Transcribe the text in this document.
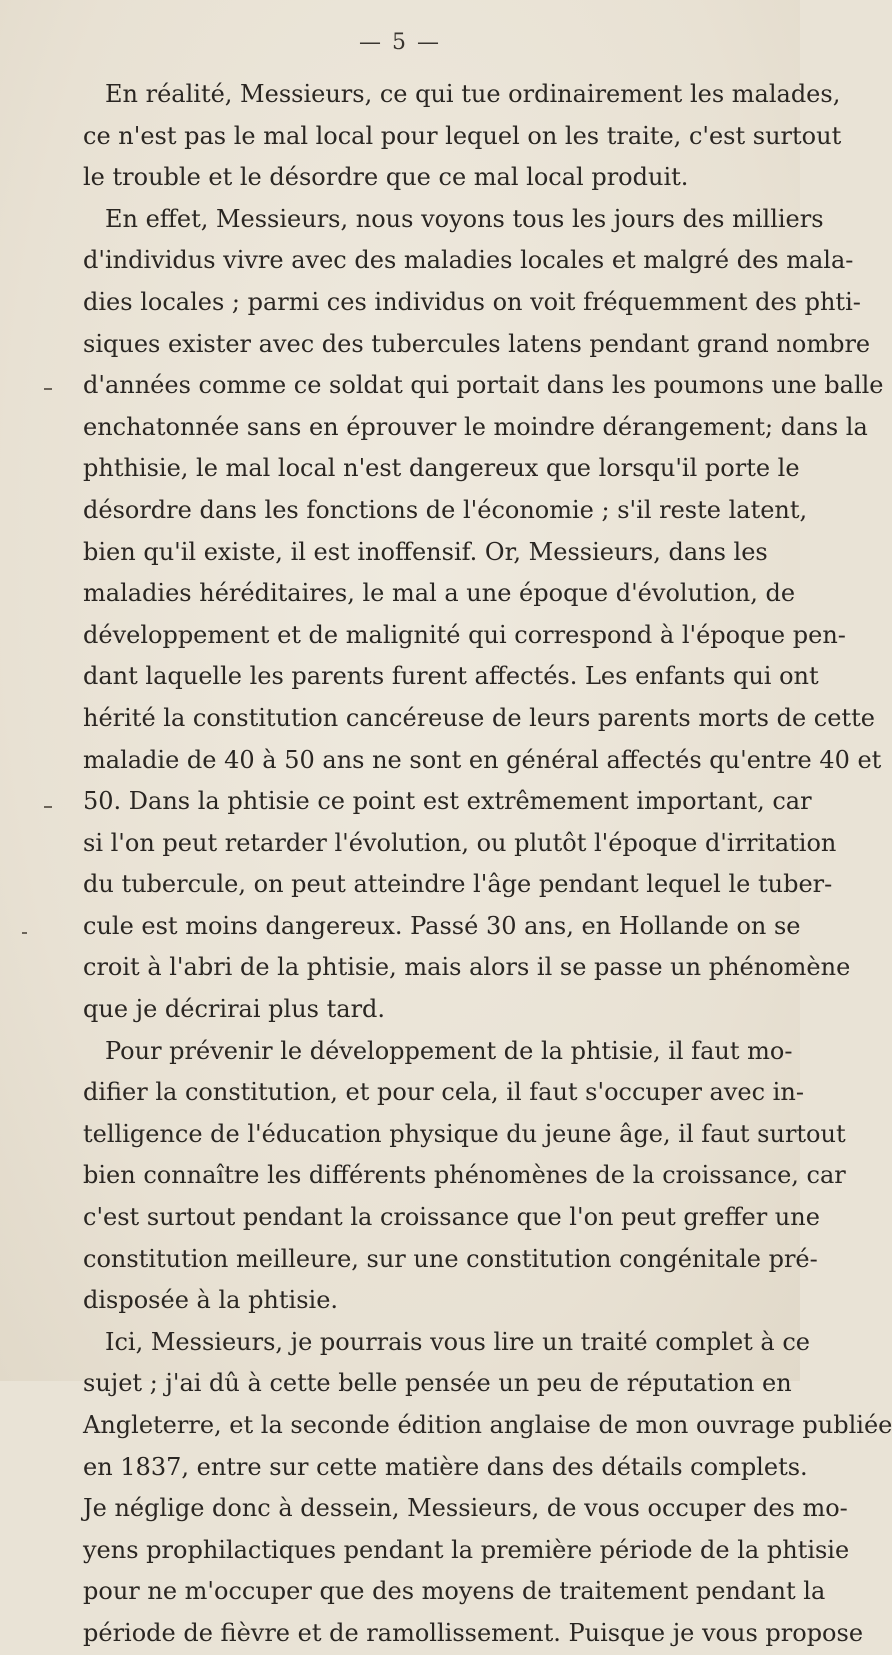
— 5 —
En réalité, Messieurs, ce qui tue ordinairement les malades,
ce n'est pas le mal local pour lequel on les traite, c'est surtout
le trouble et le désordre que ce mal local produit.
En effet, Messieurs, nous voyons tous les jours des milliers
d'individus vivre avec des maladies locales et malgré des mala-
dies locales ; parmi ces individus on voit fréquemment des phti-
siques exister avec des tubercules latens pendant grand nombre
d'années comme ce soldat qui portait dans les poumons une balle
enchatonnée sans en éprouver le moindre dérangement; dans la
phthisie, le mal local n'est dangereux que lorsqu'il porte le
désordre dans les fonctions de l'économie ; s'il reste latent,
bien qu'il existe, il est inoffensif. Or, Messieurs, dans les
maladies héréditaires, le mal a une époque d'évolution, de
développement et de malignité qui correspond à l'époque pen-
dant laquelle les parents furent affectés. Les enfants qui ont
hérité la constitution cancéreuse de leurs parents morts de cette
maladie de 40 à 50 ans ne sont en général affectés qu'entre 40 et
50. Dans la phtisie ce point est extrêmement important, car
si l'on peut retarder l'évolution, ou plutôt l'époque d'irritation
du tubercule, on peut atteindre l'âge pendant lequel le tuber-
cule est moins dangereux. Passé 30 ans, en Hollande on se
croit à l'abri de la phtisie, mais alors il se passe un phénomène
que je décrirai plus tard.
Pour prévenir le développement de la phtisie, il faut mo-
difier la constitution, et pour cela, il faut s'occuper avec in-
telligence de l'éducation physique du jeune âge, il faut surtout
bien connaître les différents phénomènes de la croissance, car
c'est surtout pendant la croissance que l'on peut greffer une
constitution meilleure, sur une constitution congénitale pré-
disposée à la phtisie.
Ici, Messieurs, je pourrais vous lire un traité complet à ce
sujet ; j'ai dû à cette belle pensée un peu de réputation en
Angleterre, et la seconde édition anglaise de mon ouvrage publiée
en 1837, entre sur cette matière dans des détails complets.
Je néglige donc à dessein, Messieurs, de vous occuper des mo-
yens prophilactiques pendant la première période de la phtisie
pour ne m'occuper que des moyens de traitement pendant la
période de fièvre et de ramollissement. Puisque je vous propose
